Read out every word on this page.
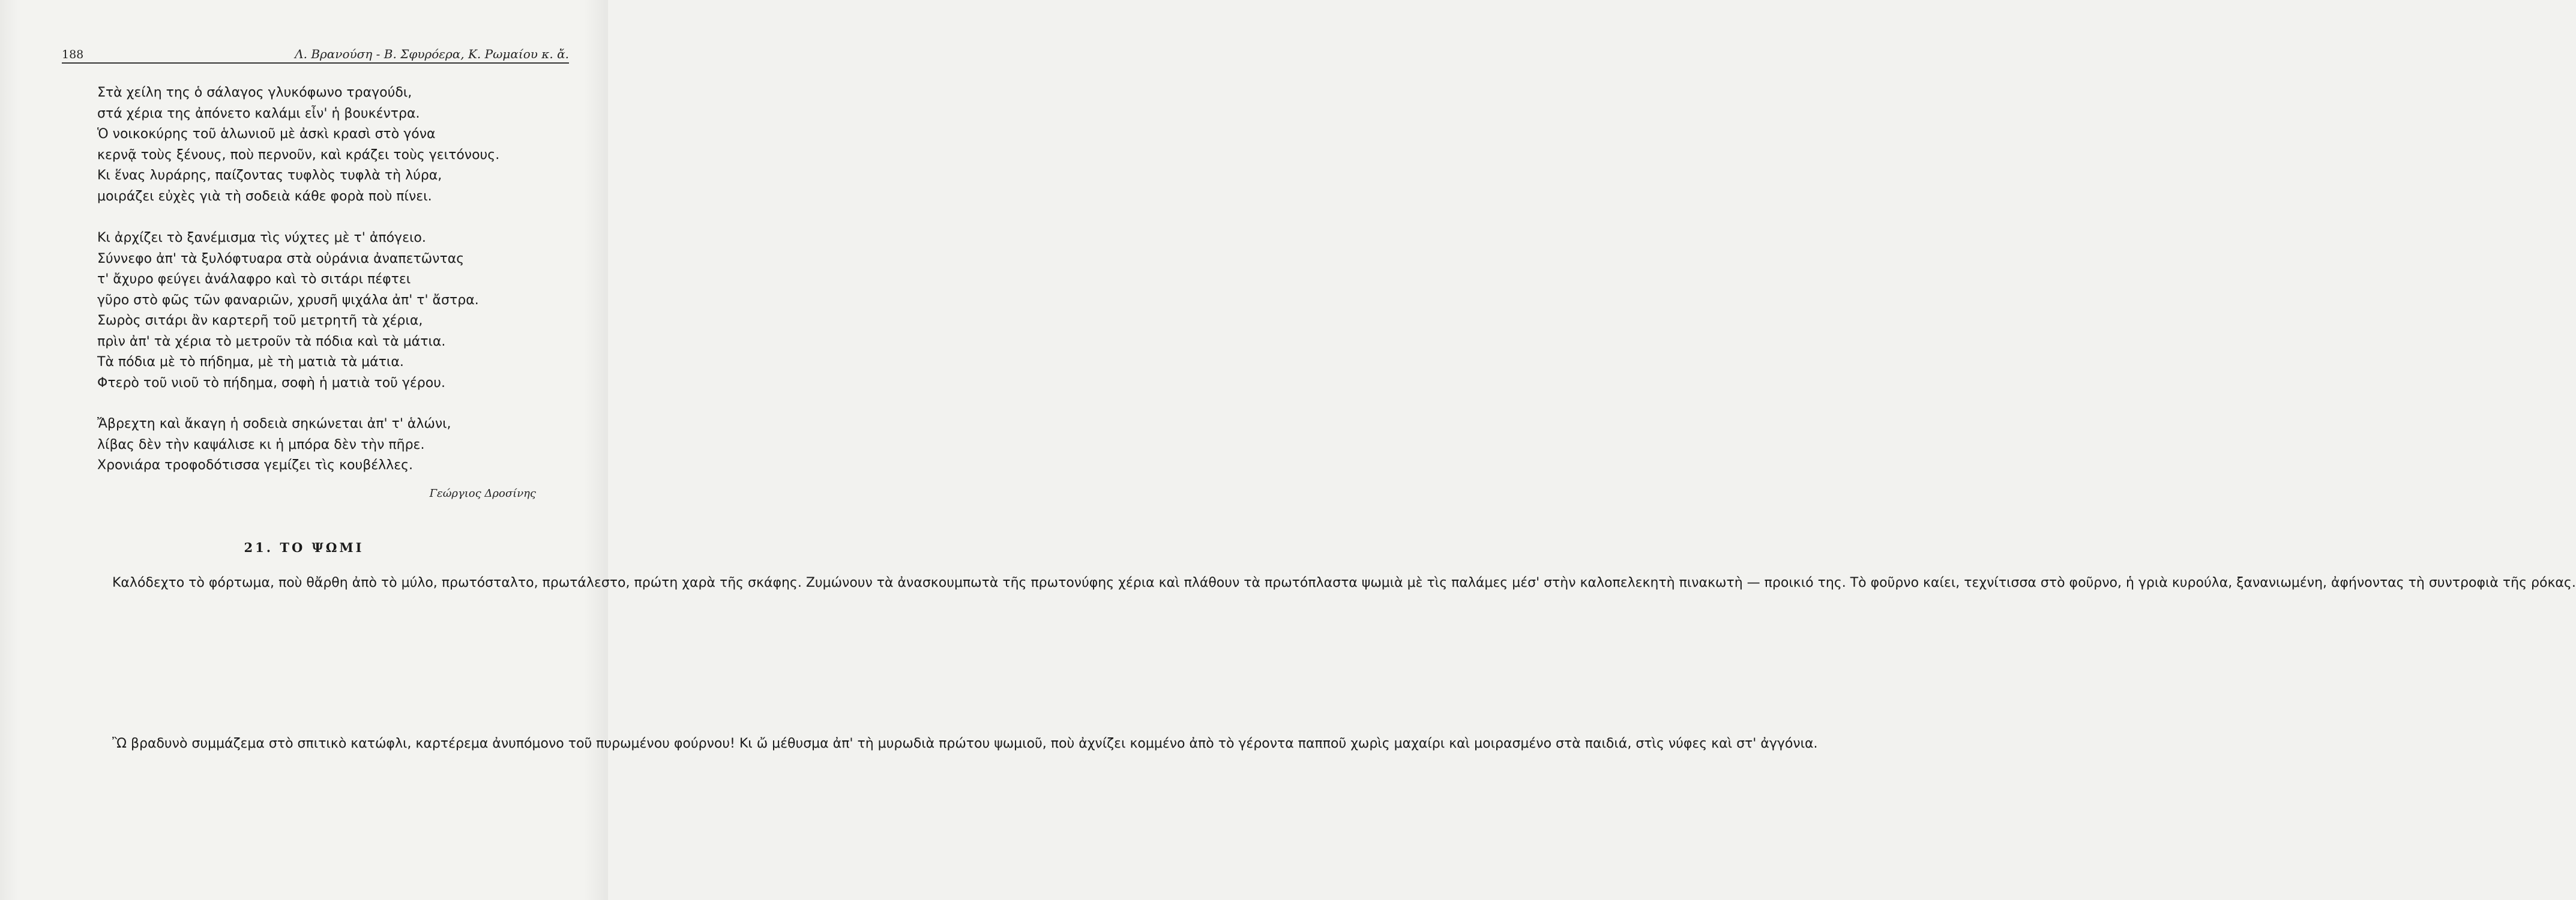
188	Λ. Βρανούση - Β. Σφυρόερα, Κ. Ρωμαίου κ. ἄ.
Στὰ χείλη της ὁ σάλαγος γλυκόφωνο τραγούδι,
στά χέρια της ἀπόνετο καλάμι εἶν' ἡ βουκέντρα.
Ὁ νοικοκύρης τοῦ ἁλωνιοῦ μὲ ἀσκὶ κρασὶ στὸ γόνα
κερνᾷ τοὺς ξένους, ποὺ περνοῦν, καὶ κράζει τοὺς γειτόνους.
Κι ἕνας λυράρης, παίζοντας τυφλὸς τυφλὰ τὴ λύρα,
μοιράζει εὐχὲς γιὰ τὴ σοδειὰ κάθε φορὰ ποὺ πίνει.
Κι ἀρχίζει τὸ ξανέμισμα τὶς νύχτες μὲ τ' ἀπόγειο.
Σύννεφο ἀπ' τὰ ξυλόφτυαρα στὰ οὐράνια ἀναπετῶντας
τ' ἄχυρο φεύγει ἀνάλαφρο καὶ τὸ σιτάρι πέφτει
γῦρο στὸ φῶς τῶν φαναριῶν, χρυσῆ ψιχάλα ἀπ' τ' ἄστρα.
Σωρὸς σιτάρι ἂν καρτερῆ τοῦ μετρητῆ τὰ χέρια,
πρὶν ἀπ' τὰ χέρια τὸ μετροῦν τὰ πόδια καὶ τὰ μάτια.
Τὰ πόδια μὲ τὸ πήδημα, μὲ τὴ ματιὰ τὰ μάτια.
Φτερὸ τοῦ νιοῦ τὸ πήδημα, σοφὴ ἡ ματιὰ τοῦ γέρου.
Ἄβρεχτη καὶ ἄκαγη ἡ σοδειὰ σηκώνεται ἀπ' τ' ἁλώνι,
λίβας δὲν τὴν καψάλισε κι ἡ μπόρα δὲν τὴν πῆρε.
Χρονιάρα τροφοδότισσα γεμίζει τὶς κουβέλλες.
Γεώργιος Δροσίνης
21. ΤΟ ΨΩΜΙ
Καλόδεχτο τὸ φόρτωμα, ποὺ θἄρθη ἀπὸ τὸ μύλο, πρωτόσταλτο, πρωτάλεστο, πρώτη χαρὰ τῆς σκάφης. Ζυμώνουν τὰ ἀνασκουμπωτὰ τῆς πρωτονύφης χέρια καὶ πλάθουν τὰ πρωτόπλαστα ψωμιὰ μὲ τὶς παλάμες μέσ' στὴν καλοπελεκητὴ πινακωτὴ — προικιό της. Τὸ φοῦρνο καίει, τεχνίτισσα στὸ φοῦρνο, ἡ γριὰ κυρούλα, ξανανιωμένη, ἀφήνοντας τὴ συντροφιὰ τῆς ρόκας.
Ὢ βραδυνὸ συμμάζεμα στὸ σπιτικὸ κατώφλι, καρτέρεμα ἀνυπόμονο τοῦ πυρωμένου φούρνου! Κι ὤ μέθυσμα ἀπ' τὴ μυρωδιὰ πρώτου ψωμιοῦ, ποὺ ἀχνίζει κομμένο ἀπὸ τὸ γέροντα παπποῦ χωρὶς μαχαίρι καὶ μοιρασμένο στὰ παιδιά, στὶς νύφες καὶ στ' ἀγγόνια.
